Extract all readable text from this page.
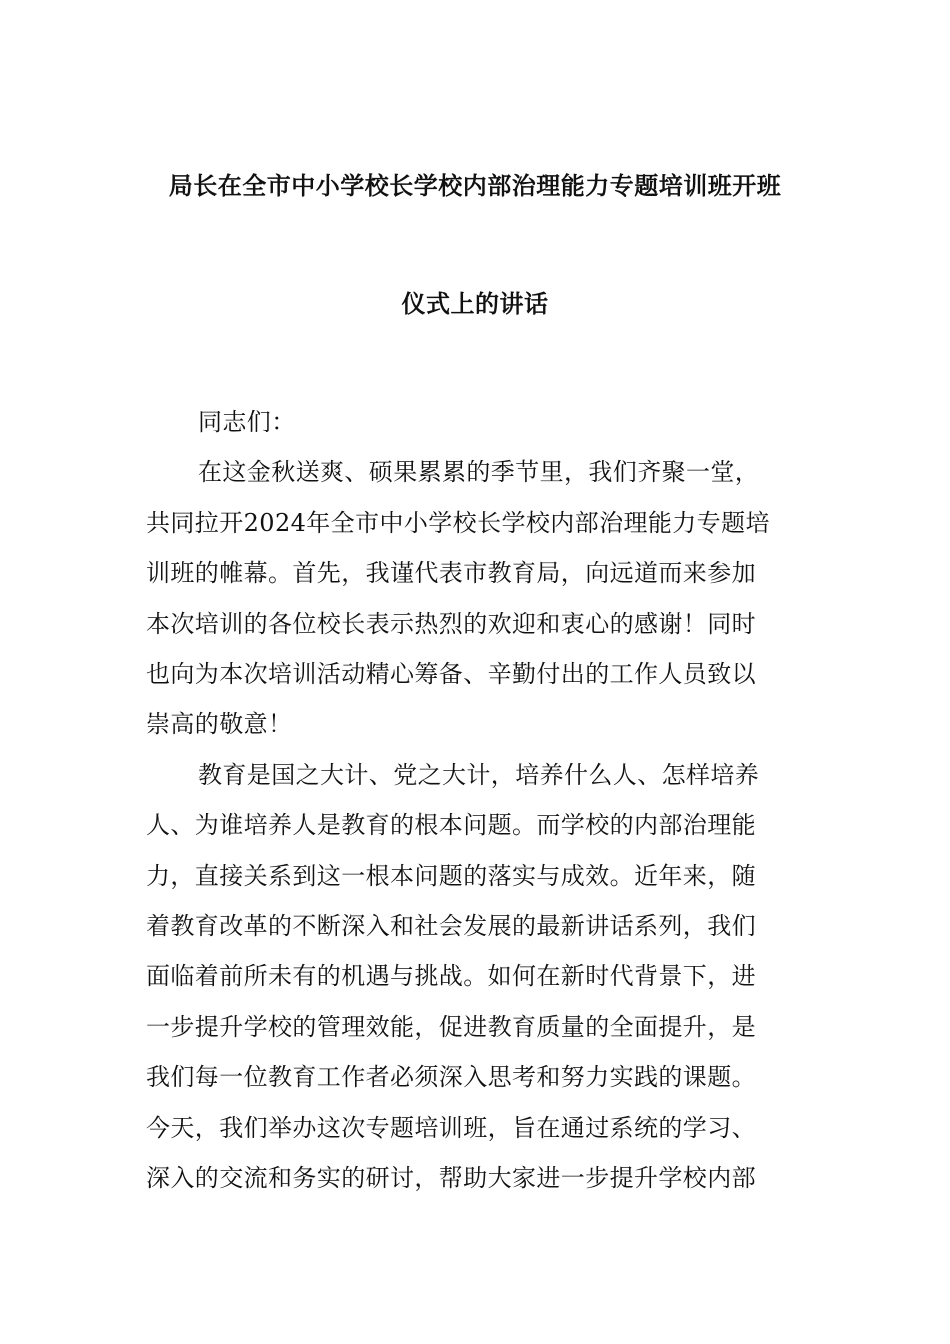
局长在全市中小学校长学校内部治理能力专题培训班开班
仪式上的讲话
同志们：
在这金秋送爽、硕果累累的季节里，我们齐聚一堂，
共同拉开2024年全市中小学校长学校内部治理能力专题培
训班的帷幕。首先，我谨代表市教育局，向远道而来参加
本次培训的各位校长表示热烈的欢迎和衷心的感谢！同时
也向为本次培训活动精心筹备、辛勤付出的工作人员致以
崇高的敬意！
教育是国之大计、党之大计，培养什么人、怎样培养
人、为谁培养人是教育的根本问题。而学校的内部治理能
力，直接关系到这一根本问题的落实与成效。近年来，随
着教育改革的不断深入和社会发展的最新讲话系列，我们
面临着前所未有的机遇与挑战。如何在新时代背景下，进
一步提升学校的管理效能，促进教育质量的全面提升，是
我们每一位教育工作者必须深入思考和努力实践的课题。
今天，我们举办这次专题培训班，旨在通过系统的学习、
深入的交流和务实的研讨，帮助大家进一步提升学校内部
